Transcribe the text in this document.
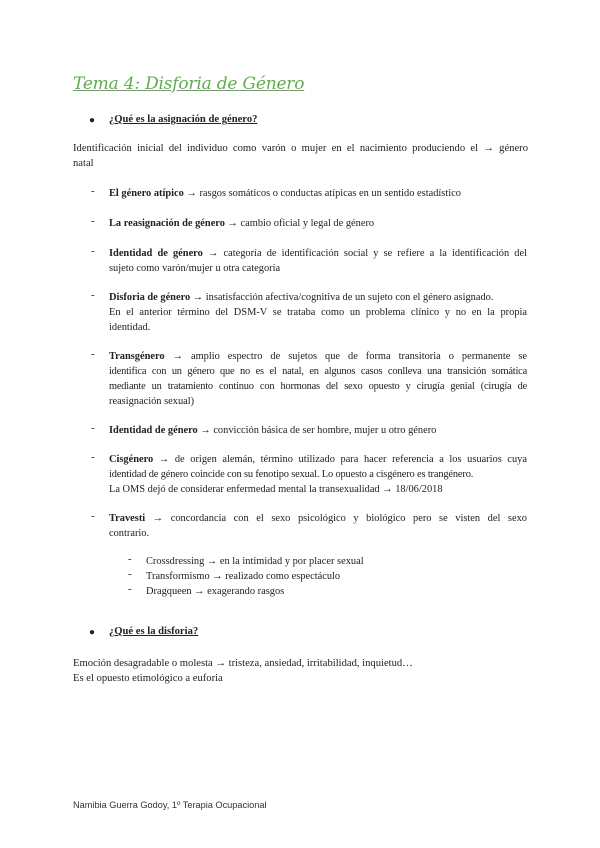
Tema 4: Disforia de Género
● ¿Qué es la asignación de género?
Identificación inicial del individuo como varón o mujer en el nacimiento produciendo el → género
natal
- El género atípico → rasgos somáticos o conductas atípicas en un sentido estadístico
- La reasignación de género → cambio oficial y legal de género
- Identidad de género → categoría de identificación social y se refiere a la identificación del
sujeto como varón/mujer u otra categoría
- Disforia de género → insatisfacción afectiva/cognitiva de un sujeto con el género asignado.
En el anterior término del DSM-V se trataba como un problema clínico y no en la propia
identidad.
- Transgénero → amplio espectro de sujetos que de forma transitoria o permanente se
identifica con un género que no es el natal, en algunos casos conlleva una transición somática
mediante un tratamiento continuo con hormonas del sexo opuesto y cirugía genial (cirugía de
reasignación sexual)
- Identidad de género → convicción básica de ser hombre, mujer u otro género
- Cisgénero → de origen alemán, término utilizado para hacer referencia a los usuarios cuya
identidad de género coincide con su fenotipo sexual. Lo opuesto a cisgénero es trangénero.
La OMS dejó de considerar enfermedad mental la transexualidad → 18/06/2018
- Travesti → concordancia con el sexo psicológico y biológico pero se visten del sexo
contrario.
- Crossdressing → en la intimidad y por placer sexual
- Transformismo → realizado como espectáculo
- Dragqueen → exagerando rasgos
● ¿Qué es la disforia?
Emoción desagradable o molesta → tristeza, ansiedad, irritabilidad, inquietud…
Es el opuesto etimológico a euforia
Namibia Guerra Godoy, 1º Terapia Ocupacional
